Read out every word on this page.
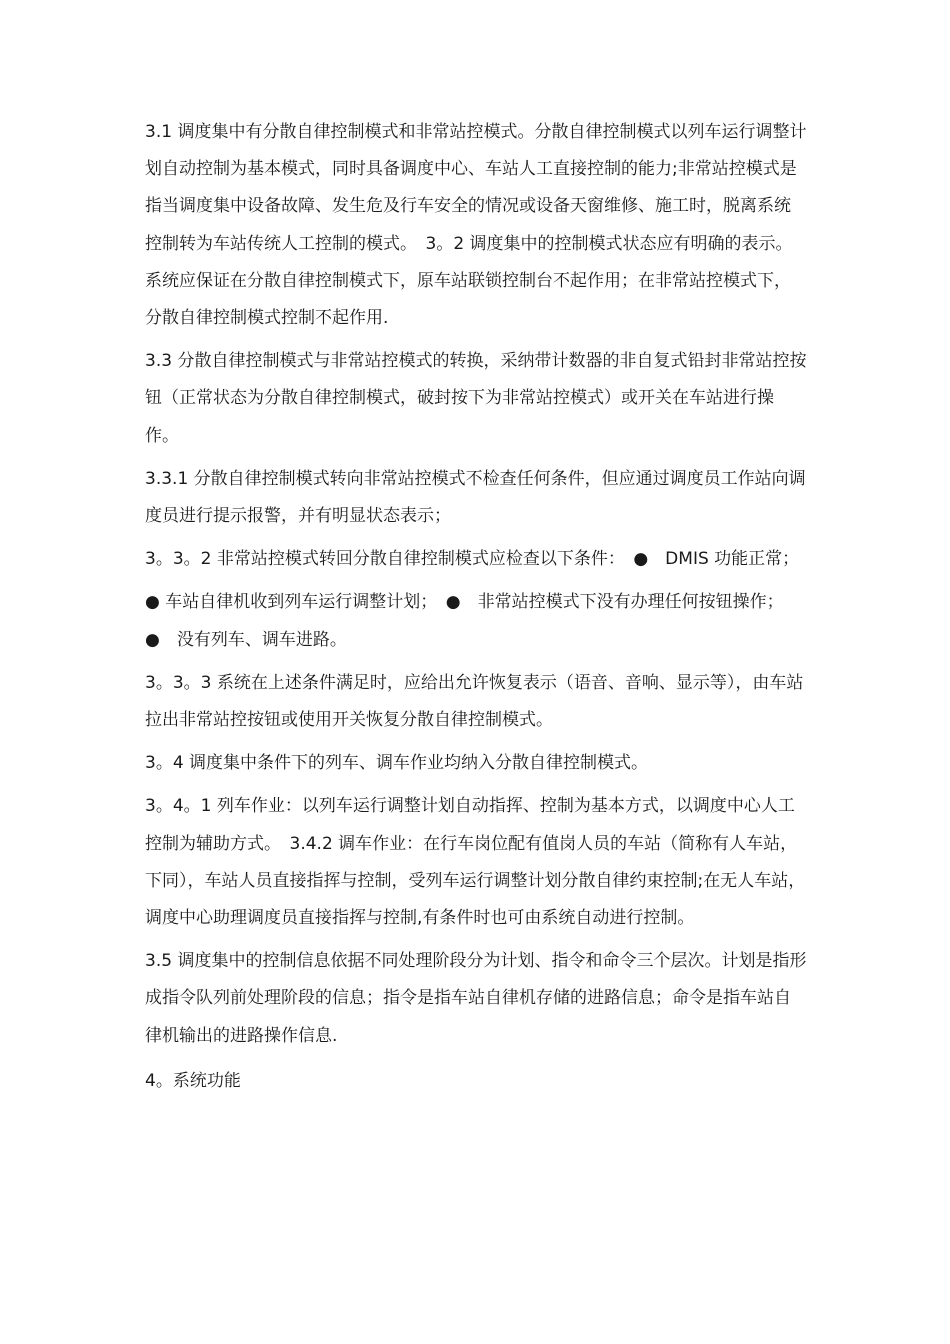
3.1 调度集中有分散自律控制模式和非常站控模式。分散自律控制模式以列车运行调整计划自动控制为基本模式，同时具备调度中心、车站人工直接控制的能力;非常站控模式是指当调度集中设备故障、发生危及行车安全的情况或设备天窗维修、施工时，脱离系统控制转为车站传统人工控制的模式。　3。2 调度集中的控制模式状态应有明确的表示。系统应保证在分散自律控制模式下，原车站联锁控制台不起作用；在非常站控模式下，分散自律控制模式控制不起作用.

3.3 分散自律控制模式与非常站控模式的转换，采纳带计数器的非自复式铅封非常站控按钮（正常状态为分散自律控制模式，破封按下为非常站控模式）或开关在车站进行操作。

3.3.1 分散自律控制模式转向非常站控模式不检查任何条件，但应通过调度员工作站向调度员进行提示报警，并有明显状态表示；

3。3。2 非常站控模式转回分散自律控制模式应检查以下条件：　●　DMIS 功能正常；

● 车站自律机收到列车运行调整计划；　●　非常站控模式下没有办理任何按钮操作；　　●　没有列车、调车进路。

3。3。3 系统在上述条件满足时，应给出允许恢复表示（语音、音响、显示等），由车站拉出非常站控按钮或使用开关恢复分散自律控制模式。

3。4 调度集中条件下的列车、调车作业均纳入分散自律控制模式。

3。4。1 列车作业：以列车运行调整计划自动指挥、控制为基本方式，以调度中心人工控制为辅助方式。　3.4.2 调车作业：在行车岗位配有值岗人员的车站（简称有人车站，下同），车站人员直接指挥与控制，受列车运行调整计划分散自律约束控制;在无人车站，调度中心助理调度员直接指挥与控制,有条件时也可由系统自动进行控制。

3.5 调度集中的控制信息依据不同处理阶段分为计划、指令和命令三个层次。计划是指形成指令队列前处理阶段的信息；指令是指车站自律机存储的进路信息；命令是指车站自律机输出的进路操作信息.

4。系统功能
